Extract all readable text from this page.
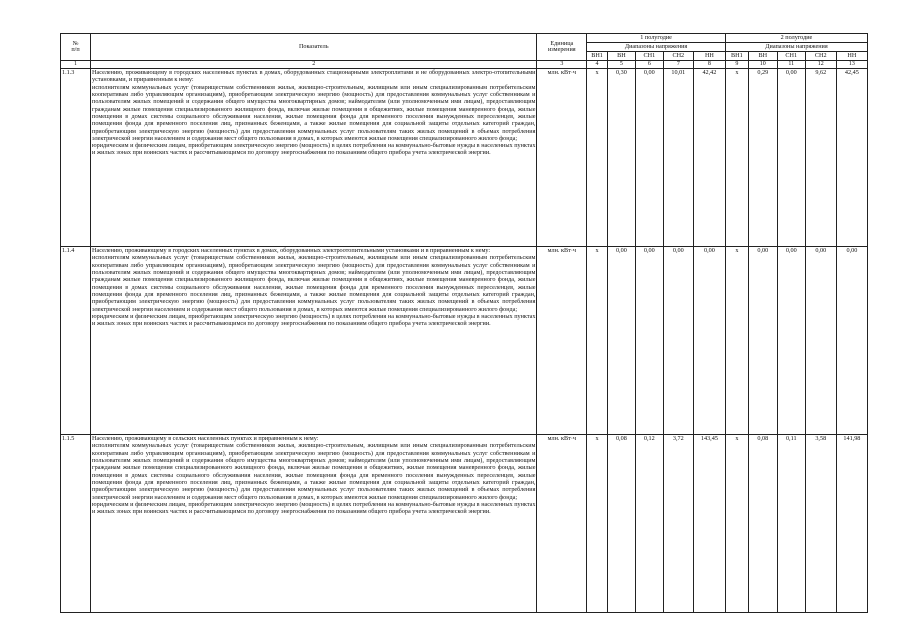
№
п/п	Показатель	Единица
измерения	1 полугодие					2 полугодие				
			Диапазоны напряжения					Диапазоны напряжения				
			ВН1	ВН	СН1	СН2	НН	ВН1	ВН	СН1	СН2	НН
1	2	3	4	5	6	7	8	9	10	11	12	13
1.1.3	Населению, проживающему в городских населенных пунктах в домах, оборудованных стационарными электроплитами и не оборудованных электро-отопительными установками, и приравненным к нему:

исполнителям коммунальных услуг (товариществам собственников жилья, жилищно-строительным, жилищным или иным специализированным потребительским кооперативам либо управляющим организациям), приобретающим электрическую энергию (мощность) для предоставления коммунальных услуг собственникам и пользователям жилых помещений и содержания общего имущества многоквартирных домов; наймодателям (или уполномоченным ими лицам), предоставляющим гражданам жилые помещения специализированного жилищного фонда, включая жилые помещения в общежитиях, жилые помещения маневренного фонда, жилые помещения в домах системы социального обслуживания населения, жилые помещения фонда для временного поселения вынужденных переселенцев, жилые помещения фонда для временного поселения лиц, признанных беженцами, а также жилые помещения для социальной защиты отдельных категорий граждан, приобретающим электрическую энергию (мощность) для предоставления коммунальных услуг пользователям таких жилых помещений в объемах потребления электрической энергии населением и содержания мест общего пользования в домах, в которых имеются жилые помещения специализированного жилого фонда;

юридическим и физическим лицам, приобретающим электрическую энергию (мощность) в целях потребления на коммунально-бытовые нужды в населенных пунктах и жилых зонах при воинских частях и рассчитывающимся по договору энергоснабжения по показаниям общего прибора учета электрической энергии.	млн. кВт·ч	x	0,30	0,00	10,01	42,42	x	0,29	0,00	9,62	42,45
1.1.4	Населению, проживающему в городских населенных пунктах в домах, оборудованных электроотопительными установками и в приравненным к нему:

исполнителям коммунальных услуг (товариществам собственников жилья, жилищно-строительным, жилищным или иным специализированным потребительским кооперативам либо управляющим организациям), приобретающим электрическую энергию (мощность) для предоставления коммунальных услуг собственникам и пользователям жилых помещений и содержания общего имущества многоквартирных домов; наймодателям (или уполномоченным ими лицам), предоставляющим гражданам жилые помещения специализированного жилищного фонда, включая жилые помещения в общежитиях, жилые помещения маневренного фонда, жилые помещения в домах системы социального обслуживания населения, жилые помещения фонда для временного поселения вынужденных переселенцев, жилые помещения фонда для временного поселения лиц, признанных беженцами, а также жилые помещения для социальной защиты отдельных категорий граждан, приобретающим электрическую энергию (мощность) для предоставления коммунальных услуг пользователям таких жилых помещений в объемах потребления электрической энергии населением и содержания мест общего пользования в домах, в которых имеются жилые помещения специализированного жилого фонда;

юридическим и физическим лицам, приобретающим электрическую энергию (мощность) в целях потребления на коммунально-бытовые нужды в населенных пунктах и жилых зонах при воинских частях и рассчитывающимся по договору энергоснабжения по показаниям общего прибора учета электрической энергии.	млн. кВт·ч	x	0,00	0,00	0,00	0,00	x	0,00	0,00	0,00	0,00
1.1.5	Населению, проживающему в сельских населенных пунктах и приравненным к нему:

исполнителям коммунальных услуг (товариществам собственников жилья, жилищно-строительным, жилищным или иным специализированным потребительским кооперативам либо управляющим организациям), приобретающим электрическую энергию (мощность) для предоставления коммунальных услуг собственникам и пользователям жилых помещений и содержания общего имущества многоквартирных домов; наймодателям (или уполномоченным ими лицам), предоставляющим гражданам жилые помещения специализированного жилищного фонда, включая жилые помещения в общежитиях, жилые помещения маневренного фонда, жилые помещения в домах системы социального обслуживания населения, жилые помещения фонда для временного поселения вынужденных переселенцев, жилые помещения фонда для временного поселения лиц, признанных беженцами, а также жилые помещения для социальной защиты отдельных категорий граждан, приобретающим электрическую энергию (мощность) для предоставления коммунальных услуг пользователям таких жилых помещений в объемах потребления электрической энергии населением и содержания мест общего пользования в домах, в которых имеются жилые помещения специализированного жилого фонда;

юридическим и физическим лицам, приобретающим электрическую энергию (мощность) в целях потребления на коммунально-бытовые нужды в населенных пунктах и жилых зонах при воинских частях и рассчитывающимся по договору энергоснабжения по показаниям общего прибора учета электрической энергии.	млн. кВт·ч	x	0,08	0,12	3,72	143,45	x	0,08	0,11	3,58	141,98
